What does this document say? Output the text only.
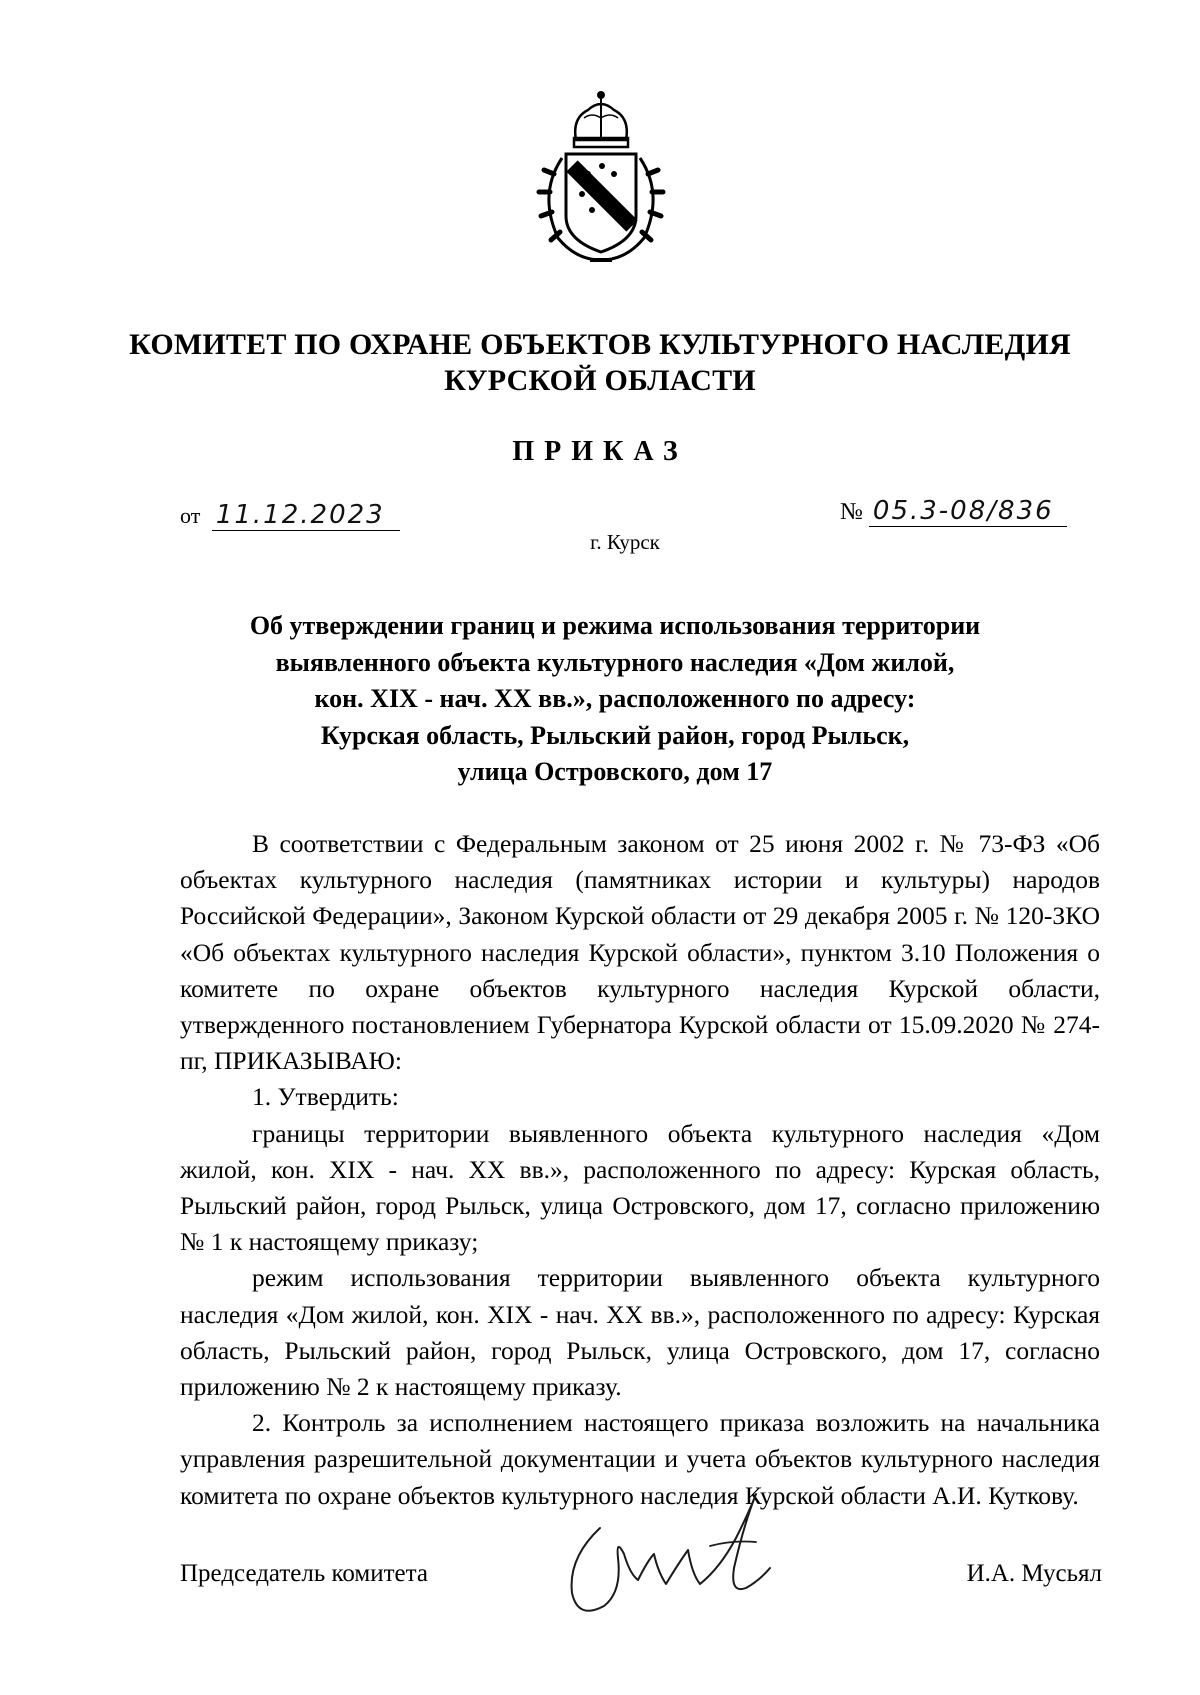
КОМИТЕТ ПО ОХРАНЕ ОБЪЕКТОВ КУЛЬТУРНОГО НАСЛЕДИЯ
КУРСКОЙ ОБЛАСТИ
ПРИКАЗ
от 11.12.2023	№ 05.3-08/836
г. Курск
Об утверждении границ и режима использования территории
выявленного объекта культурного наследия «Дом жилой,
кон. XIX - нач. XX вв.», расположенного по адресу:
Курская область, Рыльский район, город Рыльск,
улица Островского, дом 17

В соответствии с Федеральным законом от 25 июня 2002 г. № 73-ФЗ «Об объектах культурного наследия (памятниках истории и культуры) народов Российской Федерации», Законом Курской области от 29 декабря 2005 г. № 120-ЗКО «Об объектах культурного наследия Курской области», пунктом 3.10 Положения о комитете по охране объектов культурного наследия Курской области, утвержденного постановлением Губернатора Курской области от 15.09.2020 № 274-пг, ПРИКАЗЫВАЮ:

1. Утвердить:

границы территории выявленного объекта культурного наследия «Дом жилой, кон. XIX - нач. XX вв.», расположенного по адресу: Курская область, Рыльский район, город Рыльск, улица Островского, дом 17, согласно приложению № 1 к настоящему приказу;

режим использования территории выявленного объекта культурного наследия «Дом жилой, кон. XIX - нач. XX вв.», расположенного по адресу: Курская область, Рыльский район, город Рыльск, улица Островского, дом 17, согласно приложению № 2 к настоящему приказу.

2. Контроль за исполнением настоящего приказа возложить на начальника управления разрешительной документации и учета объектов культурного наследия комитета по охране объектов культурного наследия Курской области А.И. Куткову.

Председатель комитета	И.А. Мусьял
